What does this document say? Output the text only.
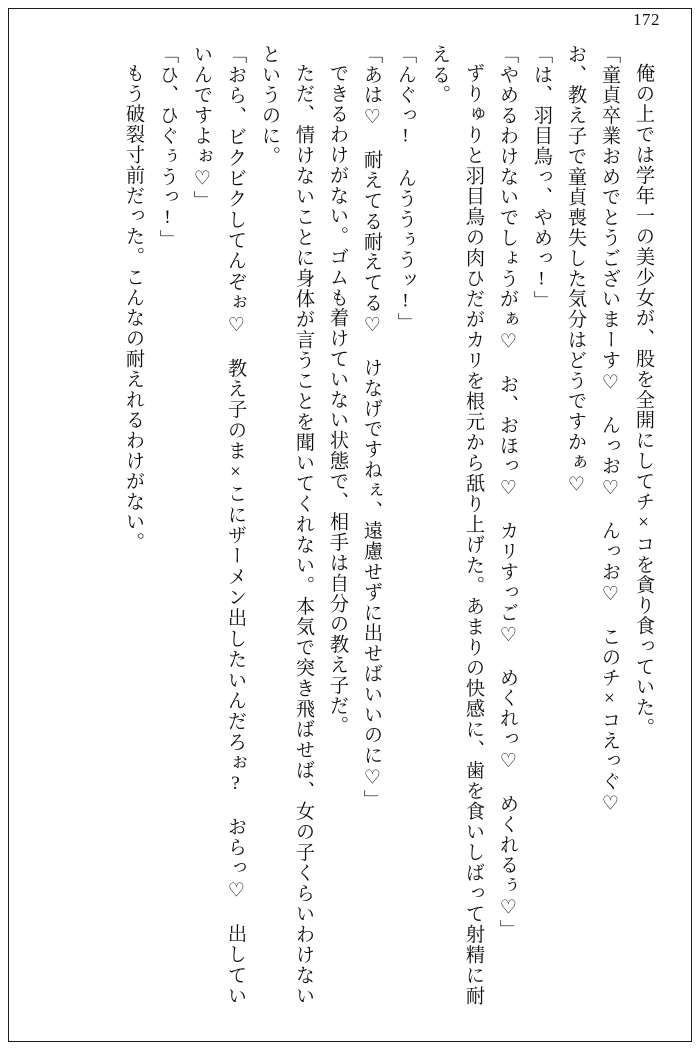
172

俺の上では学年一の美少女が、股を全開にしてチ×コを貪り食っていた。

「童貞卒業おめでとうございまーす♡　んっお♡　んっお♡　このチ×コえっぐ♡

お、教え子で童貞喪失した気分はどうですかぁ♡

「は、羽目鳥っ、やめっ!」

「やめるわけないでしょうがぁ♡　お、おほっ♡　カリすっご♡　めくれっ♡　めくれるぅ♡」

ずりゅりと羽目鳥の肉ひだがカリを根元から舐り上げた。あまりの快感に、歯を食いしばって射精に耐える。

「んぐっ!　んううぅうッ!」

「あは♡　耐えてる耐えてる♡　けなげですねぇ、遠慮せずに出せばいいのに♡」

できるわけがない。ゴムも着けていない状態で、相手は自分の教え子だ。

ただ、情けないことに身体が言うことを聞いてくれない。本気で突き飛ばせば、女の子くらいわけないというのに。

「おら、ビクビクしてんぞぉ♡　教え子のま×こにザーメン出したいんだろぉ?　おらっ♡　出していいんですよぉ♡」

「ひ、ひぐぅうっ!」

もう破裂寸前だった。こんなの耐えれるわけがない。
